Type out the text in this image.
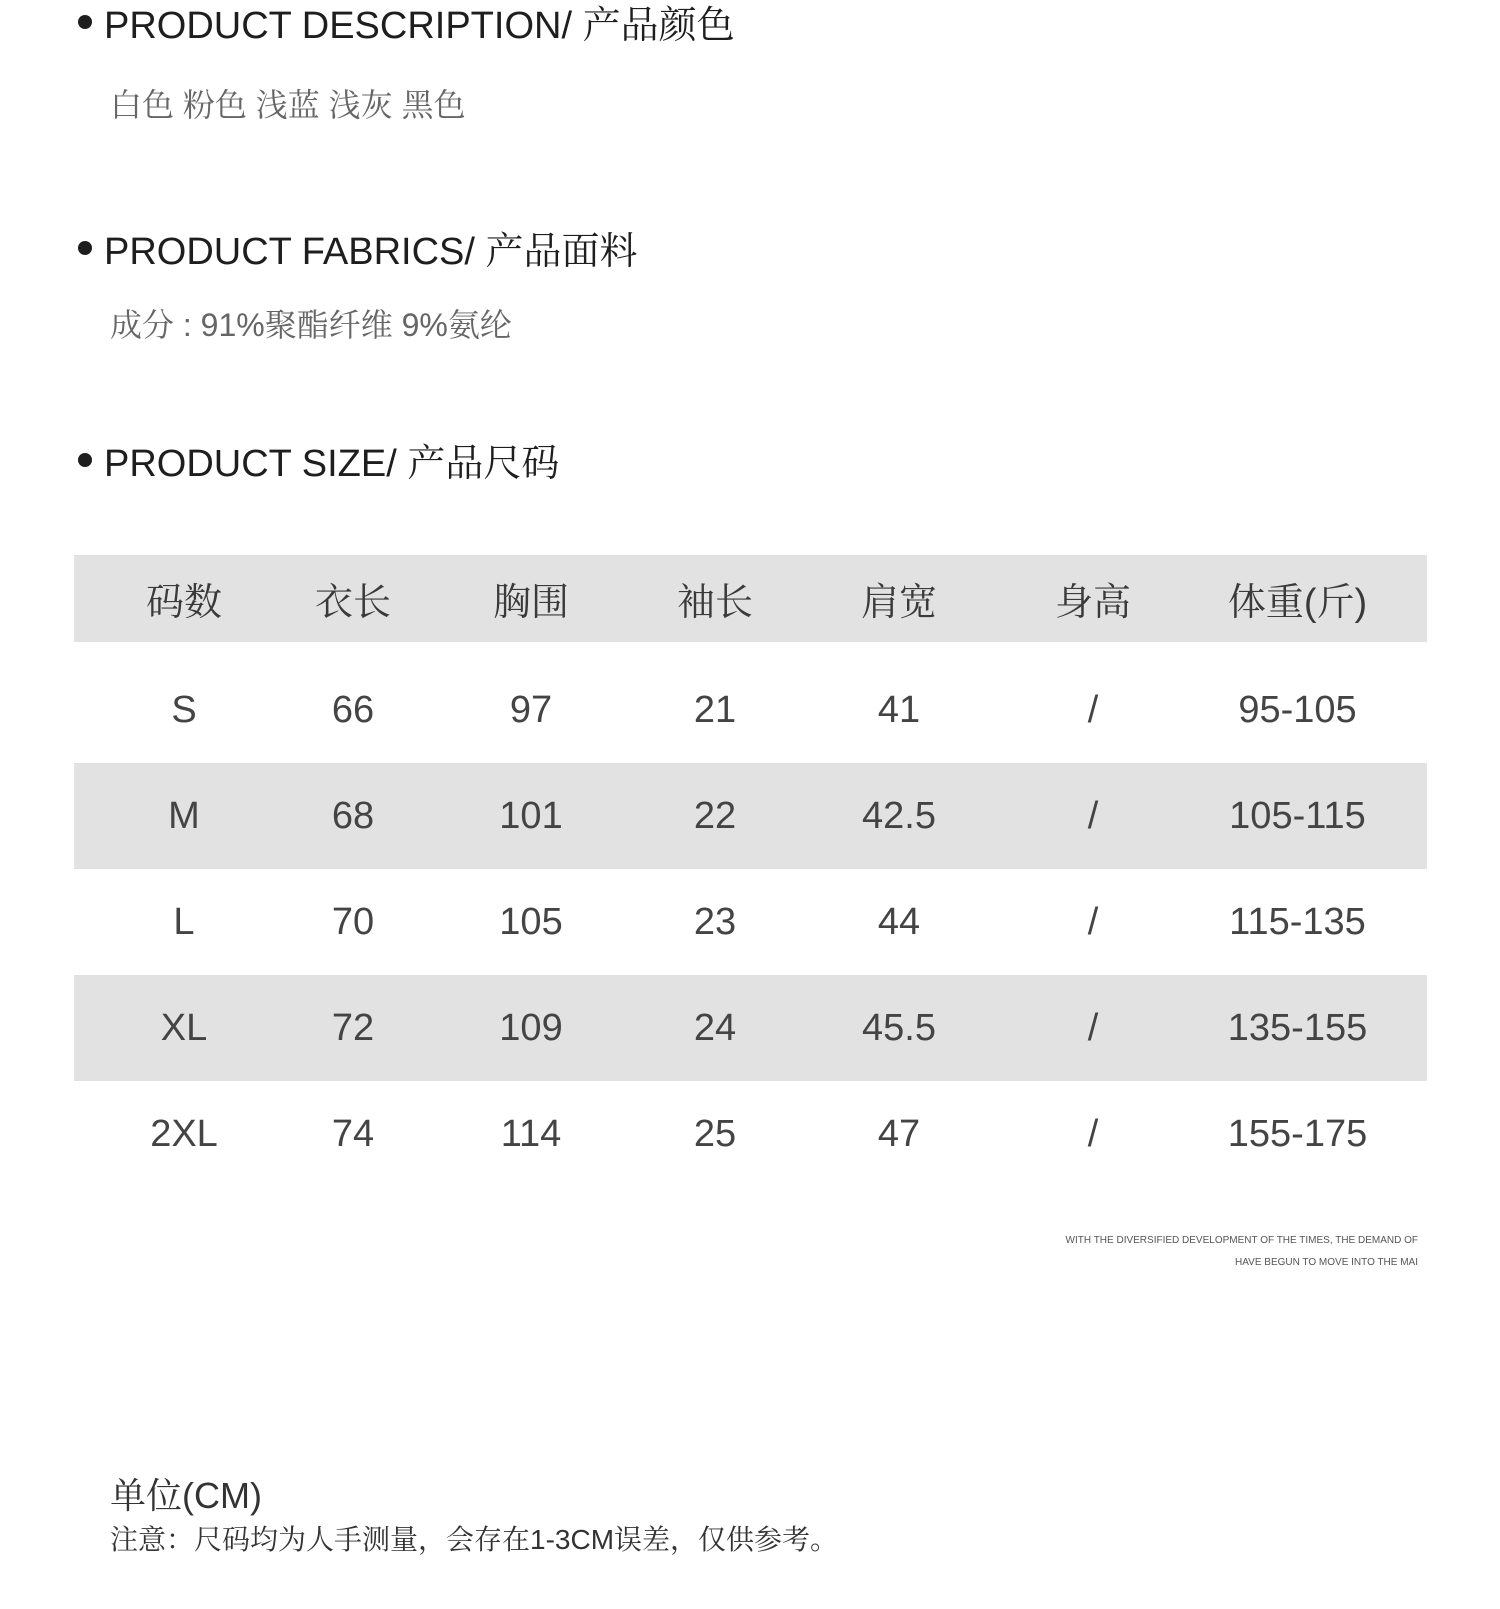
PRODUCT DESCRIPTION/ 产品颜色
白色 粉色 浅蓝 浅灰 黑色
PRODUCT FABRICS/ 产品面料
成分 : 91%聚酯纤维 9%氨纶
PRODUCT SIZE/ 产品尺码
码数	衣长	胸围	袖长	肩宽	身高	体重(斤)
S	66	97	21	41	/	95-105
M	68	101	22	42.5	/	105-115
L	70	105	23	44	/	115-135
XL	72	109	24	45.5	/	135-155
2XL	74	114	25	47	/	155-175
WITH THE DIVERSIFIED DEVELOPMENT OF THE TIMES, THE DEMAND OF
HAVE BEGUN TO MOVE INTO THE MAI
单位(CM)
注意：尺码均为人手测量，会存在1-3CM误差，仅供参考。
